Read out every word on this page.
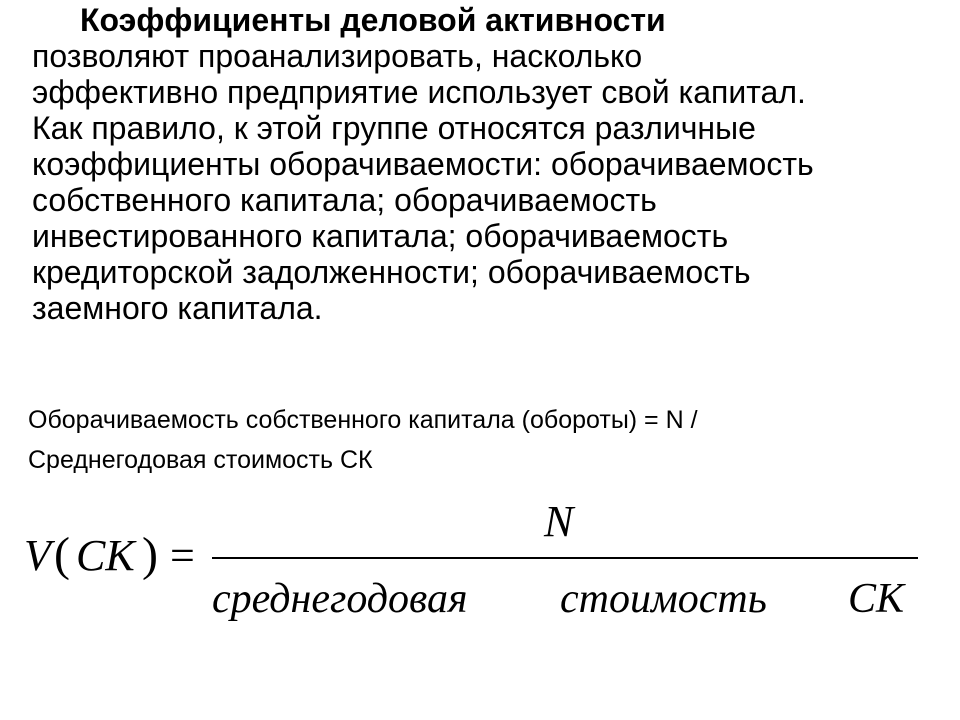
Коэффициенты деловой активности
позволяют проанализировать, насколько
эффективно предприятие использует свой капитал.
Как правило, к этой группе относятся различные
коэффициенты оборачиваемости: оборачиваемость
собственного капитала; оборачиваемость
инвестированного капитала; оборачиваемость
кредиторской задолженности; оборачиваемость
заемного капитала.
Оборачиваемость собственного капитала (обороты) = N /
Среднегодовая стоимость СК
V ( СК ) =
N
среднегодовая стоимость СК
